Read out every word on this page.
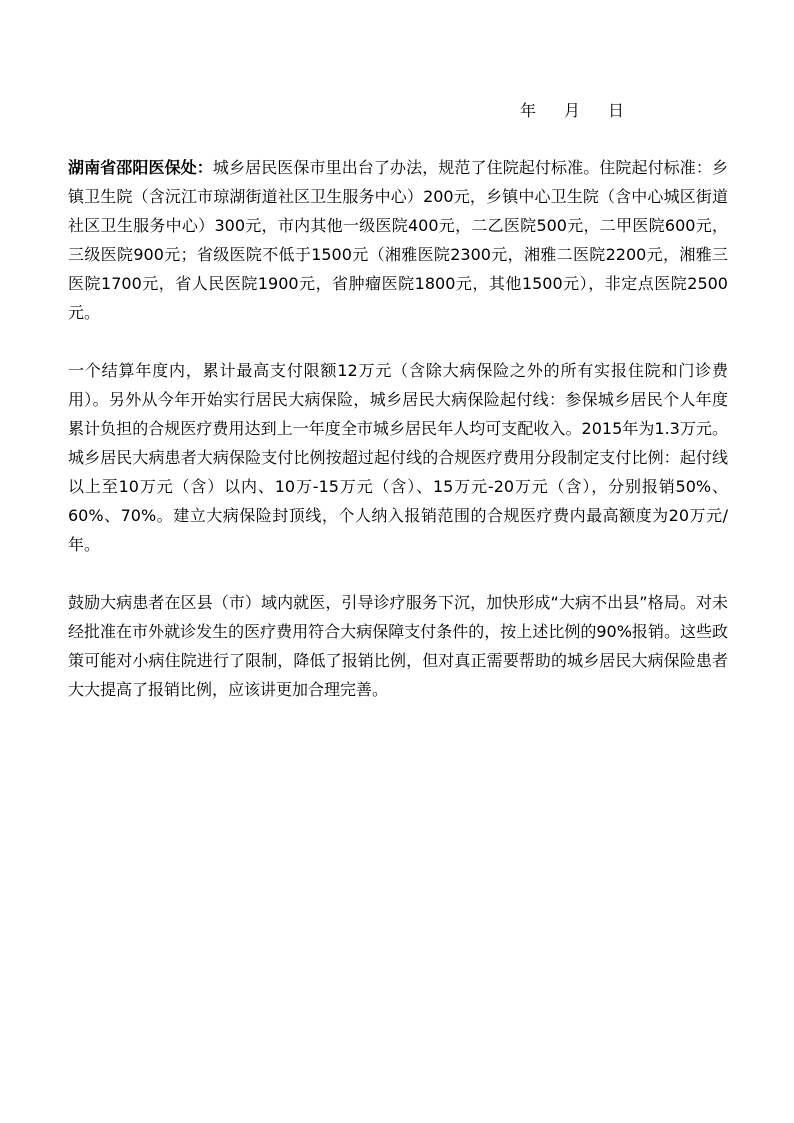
年 月 日

湖南省邵阳医保处：城乡居民医保市里出台了办法，规范了住院起付标准。住院起付标准：乡镇卫生院（含沅江市琼湖街道社区卫生服务中心）200元，乡镇中心卫生院（含中心城区街道社区卫生服务中心）300元，市内其他一级医院400元，二乙医院500元，二甲医院600元，三级医院900元；省级医院不低于1500元（湘雅医院2300元，湘雅二医院2200元，湘雅三医院1700元，省人民医院1900元，省肿瘤医院1800元，其他1500元），非定点医院2500元。

一个结算年度内，累计最高支付限额12万元（含除大病保险之外的所有实报住院和门诊费用）。另外从今年开始实行居民大病保险，城乡居民大病保险起付线：参保城乡居民个人年度累计负担的合规医疗费用达到上一年度全市城乡居民年人均可支配收入。2015年为1.3万元。城乡居民大病患者大病保险支付比例按超过起付线的合规医疗费用分段制定支付比例：起付线以上至10万元（含）以内、10万-15万元（含）、15万元-20万元（含），分别报销50%、60%、70%。建立大病保险封顶线，个人纳入报销范围的合规医疗费内最高额度为20万元/年。

鼓励大病患者在区县（市）域内就医，引导诊疗服务下沉，加快形成“大病不出县”格局。对未经批准在市外就诊发生的医疗费用符合大病保障支付条件的，按上述比例的90%报销。这些政策可能对小病住院进行了限制，降低了报销比例，但对真正需要帮助的城乡居民大病保险患者大大提高了报销比例，应该讲更加合理完善。
